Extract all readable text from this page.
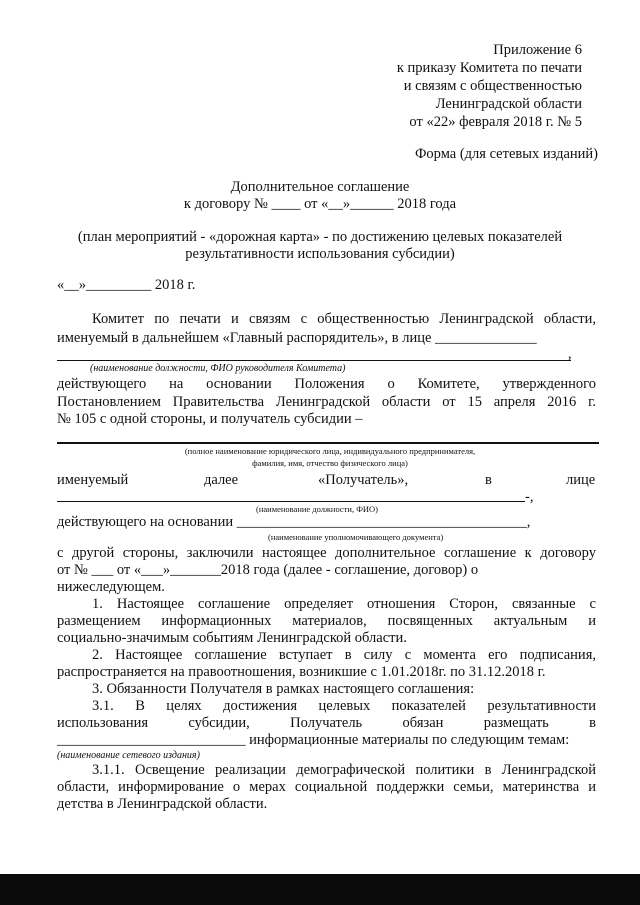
Приложение 6
к приказу Комитета по печати
и связям с общественностью
Ленинградской области
от «22» февраля 2018 г. № 5
Форма (для сетевых изданий)
Дополнительное соглашение
к договору № ____ от «__»______ 2018 года
(план мероприятий - «дорожная карта» - по достижению целевых показателей
результативности использования субсидии)
«__»_________ 2018 г.
Комитет по печати и связям с общественностью Ленинградской области,
именуемый в дальнейшем «Главный распорядитель», в лице ______________
,
(наименование должности, ФИО руководителя Комитета)
действующего на основании Положения о Комитете, утвержденного
Постановлением Правительства Ленинградской области от 15 апреля 2016 г.
№ 105 с одной стороны, и получатель субсидии –
(полное наименование юридического лица, индивидуального предпринимателя,
фамилия, имя, отчество физического лица)
именуемый	далее	«Получатель»,	в	лице
-,
(наименование должности, ФИО)
действующего на основании ________________________________________,
(наименование уполномочивающего документа)
с другой стороны, заключили настоящее дополнительное соглашение к договору
от № ___ от «___»_______2018 года (далее - соглашение, договор) о
нижеследующем.
1. Настоящее соглашение определяет отношения Сторон, связанные с
размещением информационных материалов, посвященных актуальным и
социально-значимым событиям Ленинградской области.
2. Настоящее соглашение вступает в силу с момента его подписания,
распространяется на правоотношения, возникшие с 1.01.2018г. по 31.12.2018 г.
3. Обязанности Получателя в рамках настоящего соглашения:
3.1. В целях достижения целевых показателей результативности
использования субсидии, Получатель обязан размещать в
__________________________ информационные материалы по следующим темам:
(наименование сетевого издания)
3.1.1. Освещение реализации демографической политики в Ленинградской
области, информирование о мерах социальной поддержки семьи, материнства и
детства в Ленинградской области.
